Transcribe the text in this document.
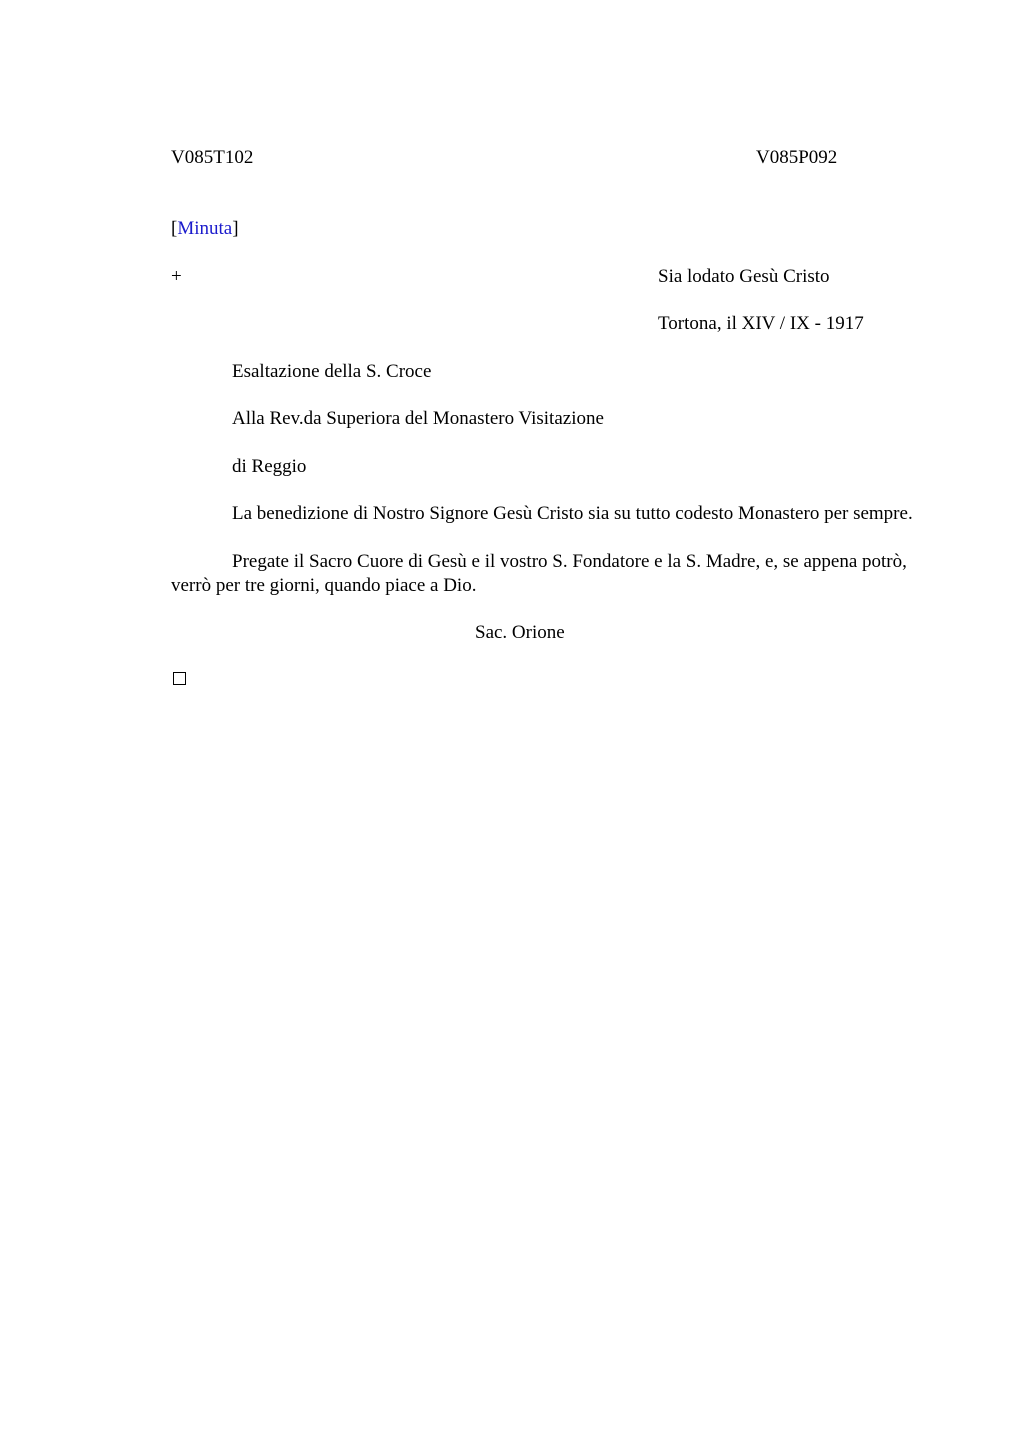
V085T102	V085P092
[Minuta]
+	Sia lodato Gesù Cristo
Tortona, il XIV / IX - 1917
Esaltazione della S. Croce
Alla Rev.da Superiora del Monastero Visitazione
di Reggio

La benedizione di Nostro Signore Gesù Cristo sia su tutto codesto Monastero per sempre.

Pregate il Sacro Cuore di Gesù e il vostro S. Fondatore e la S. Madre, e, se appena potrò, verrò per tre giorni, quando piace a Dio.

Sac. Orione
